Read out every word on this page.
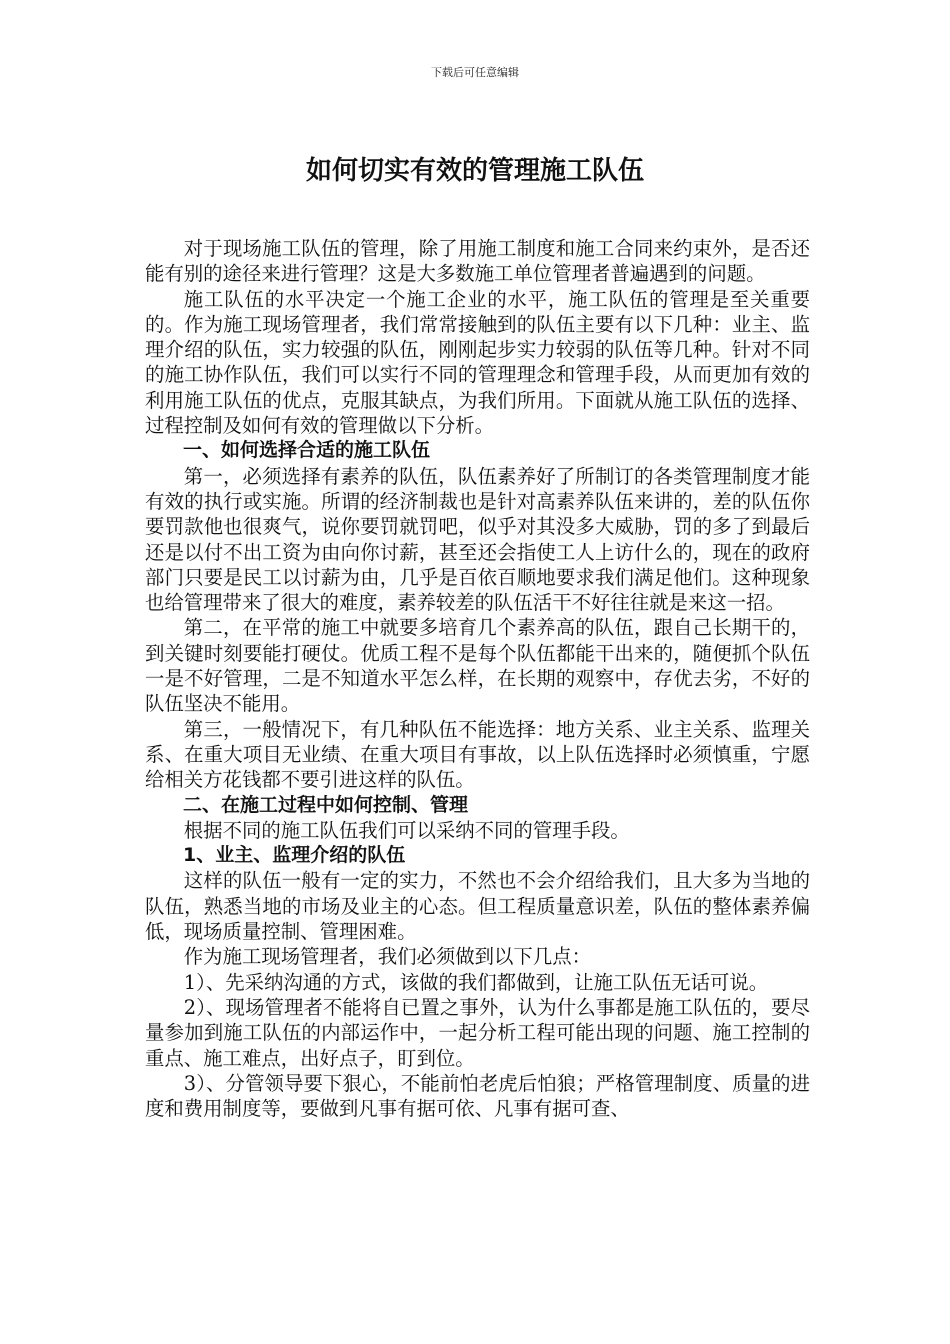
下载后可任意编辑
如何切实有效的管理施工队伍

对于现场施工队伍的管理，除了用施工制度和施工合同来约束外，是否还能有别的途径来进行管理？这是大多数施工单位管理者普遍遇到的问题。

施工队伍的水平决定一个施工企业的水平，施工队伍的管理是至关重要的。作为施工现场管理者，我们常常接触到的队伍主要有以下几种：业主、监理介绍的队伍，实力较强的队伍，刚刚起步实力较弱的队伍等几种。针对不同的施工协作队伍，我们可以实行不同的管理理念和管理手段，从而更加有效的利用施工队伍的优点，克服其缺点，为我们所用。下面就从施工队伍的选择、过程控制及如何有效的管理做以下分析。

一、如何选择合适的施工队伍

第一，必须选择有素养的队伍，队伍素养好了所制订的各类管理制度才能有效的执行或实施。所谓的经济制裁也是针对高素养队伍来讲的，差的队伍你要罚款他也很爽气，说你要罚就罚吧，似乎对其没多大威胁，罚的多了到最后还是以付不出工资为由向你讨薪，甚至还会指使工人上访什么的，现在的政府部门只要是民工以讨薪为由，几乎是百依百顺地要求我们满足他们。这种现象也给管理带来了很大的难度，素养较差的队伍活干不好往往就是来这一招。

第二，在平常的施工中就要多培育几个素养高的队伍，跟自己长期干的，到关键时刻要能打硬仗。优质工程不是每个队伍都能干出来的，随便抓个队伍一是不好管理，二是不知道水平怎么样，在长期的观察中，存优去劣，不好的队伍坚决不能用。

第三，一般情况下，有几种队伍不能选择：地方关系、业主关系、监理关系、在重大项目无业绩、在重大项目有事故，以上队伍选择时必须慎重，宁愿给相关方花钱都不要引进这样的队伍。

二、在施工过程中如何控制、管理

根据不同的施工队伍我们可以采纳不同的管理手段。

1、业主、监理介绍的队伍

这样的队伍一般有一定的实力，不然也不会介绍给我们，且大多为当地的队伍，熟悉当地的市场及业主的心态。但工程质量意识差，队伍的整体素养偏低，现场质量控制、管理困难。

作为施工现场管理者，我们必须做到以下几点：

1）、先采纳沟通的方式，该做的我们都做到，让施工队伍无话可说。

2）、现场管理者不能将自已置之事外，认为什么事都是施工队伍的，要尽量参加到施工队伍的内部运作中，一起分析工程可能出现的问题、施工控制的重点、施工难点，出好点子，盯到位。

3）、分管领导要下狠心，不能前怕老虎后怕狼；严格管理制度、质量的进度和费用制度等，要做到凡事有据可依、凡事有据可查、
